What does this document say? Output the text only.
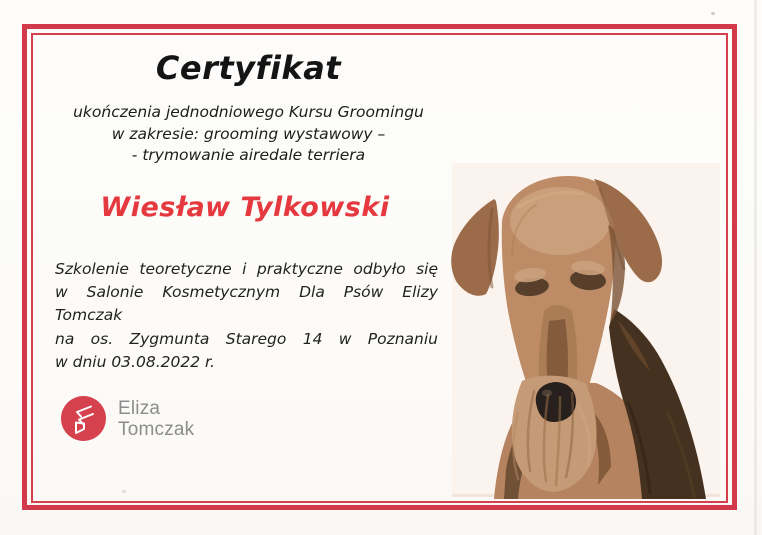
Certyfikat
ukończenia jednodniowego Kursu Groomingu
w zakresie: grooming wystawowy –
- trymowanie airedale terriera
Wiesław Tylkowski
Szkolenie teoretyczne i praktyczne odbyło się
w Salonie Kosmetycznym Dla Psów Elizy Tomczak
na os. Zygmunta Starego 14 w Poznaniu
w dniu 03.08.2022 r.
Eliza
Tomczak
